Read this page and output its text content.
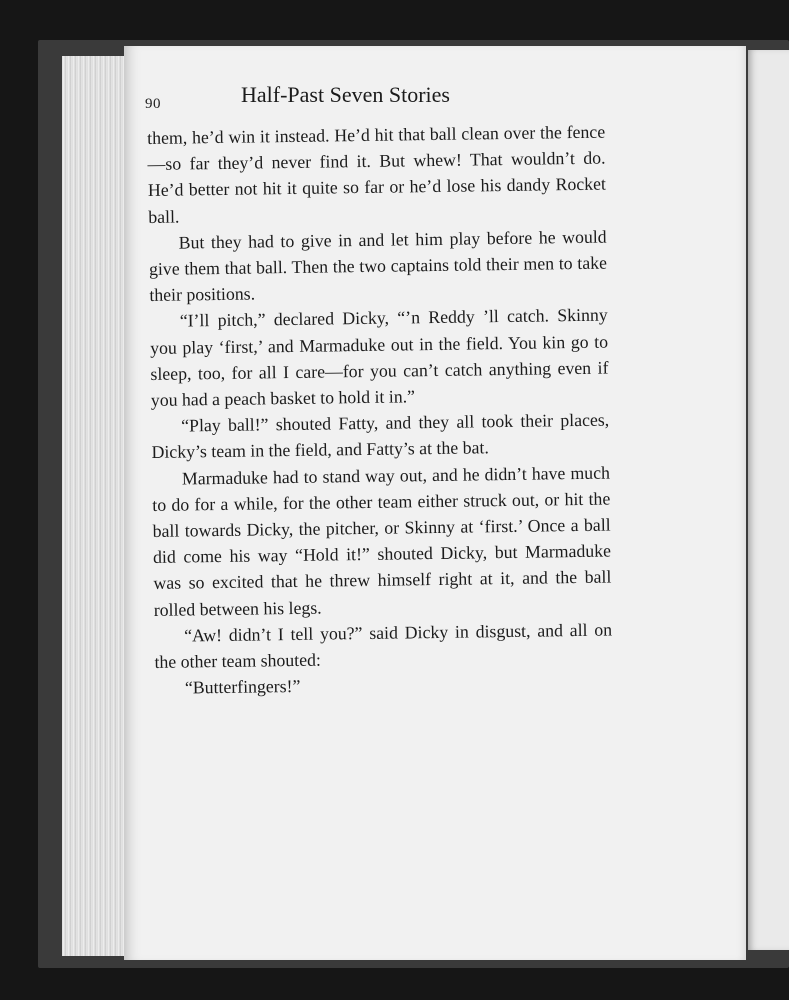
90	Half-Past Seven Stories

them, he’d win it instead. He’d hit that ball clean over the fence—so far they’d never find it. But whew! That wouldn’t do. He’d better not hit it quite so far or he’d lose his dandy Rocket ball.

But they had to give in and let him play before he would give them that ball. Then the two captains told their men to take their positions.

“I’ll pitch,” declared Dicky, “’n Reddy ’ll catch. Skinny you play ‘first,’ and Marmaduke out in the field. You kin go to sleep, too, for all I care—for you can’t catch anything even if you had a peach basket to hold it in.”

“Play ball!” shouted Fatty, and they all took their places, Dicky’s team in the field, and Fatty’s at the bat.

Marmaduke had to stand way out, and he didn’t have much to do for a while, for the other team either struck out, or hit the ball towards Dicky, the pitcher, or Skinny at ‘first.’ Once a ball did come his way “Hold it!” shouted Dicky, but Marmaduke was so excited that he threw himself right at it, and the ball rolled between his legs.

“Aw! didn’t I tell you?” said Dicky in disgust, and all on the other team shouted:

“Butterfingers!”
